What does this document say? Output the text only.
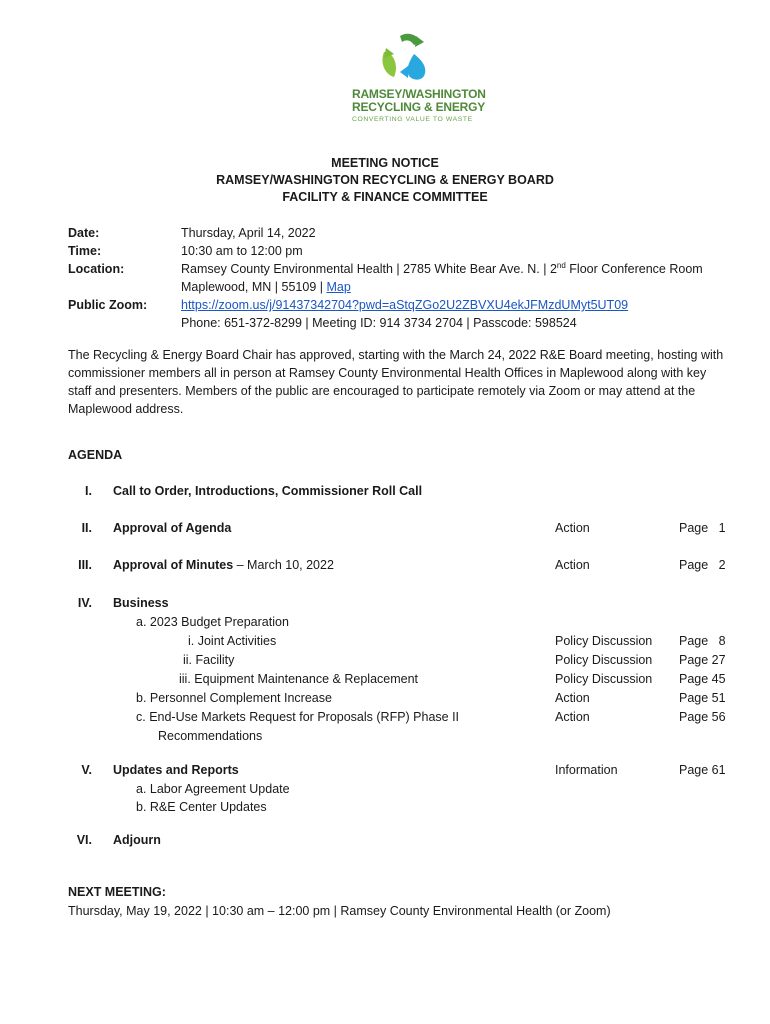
RAMSEY/WASHINGTON
RECYCLING & ENERGY
CONVERTING VALUE TO WASTE
MEETING NOTICE
RAMSEY/WASHINGTON RECYCLING & ENERGY BOARD
FACILITY & FINANCE COMMITTEE
Date:	Thursday, April 14, 2022
Time:	10:30 am to 12:00 pm
Location:	Ramsey County Environmental Health | 2785 White Bear Ave. N. | 2nd Floor Conference Room
Maplewood, MN | 55109 | Map
Public Zoom:	https://zoom.us/j/91437342704?pwd=aStqZGo2U2ZBVXU4ekJFMzdUMyt5UT09
Phone: 651-372-8299 | Meeting ID: 914 3734 2704 | Passcode: 598524
The Recycling & Energy Board Chair has approved, starting with the March 24, 2022 R&E Board meeting, hosting with commissioner members all in person at Ramsey County Environmental Health Offices in Maplewood along with key staff and presenters. Members of the public are encouraged to participate remotely via Zoom or may attend at the Maplewood address.
AGENDA
I. Call to Order, Introductions, Commissioner Roll Call
II. Approval of Agenda	Action	Page   1
III. Approval of Minutes – March 10, 2022	Action	Page   2
IV. Business
a. 2023 Budget Preparation
i. Joint Activities	Policy Discussion Page   8
ii. Facility	Policy Discussion Page 27
iii. Equipment Maintenance & Replacement	Policy Discussion Page 45
b. Personnel Complement Increase	Action	Page 51
c. End-Use Markets Request for Proposals (RFP) Phase II	Action	Page 56
Recommendations
V. Updates and Reports	Information	Page 61
a. Labor Agreement Update
b. R&E Center Updates
VI. Adjourn
NEXT MEETING:
Thursday, May 19, 2022 | 10:30 am – 12:00 pm | Ramsey County Environmental Health (or Zoom)
